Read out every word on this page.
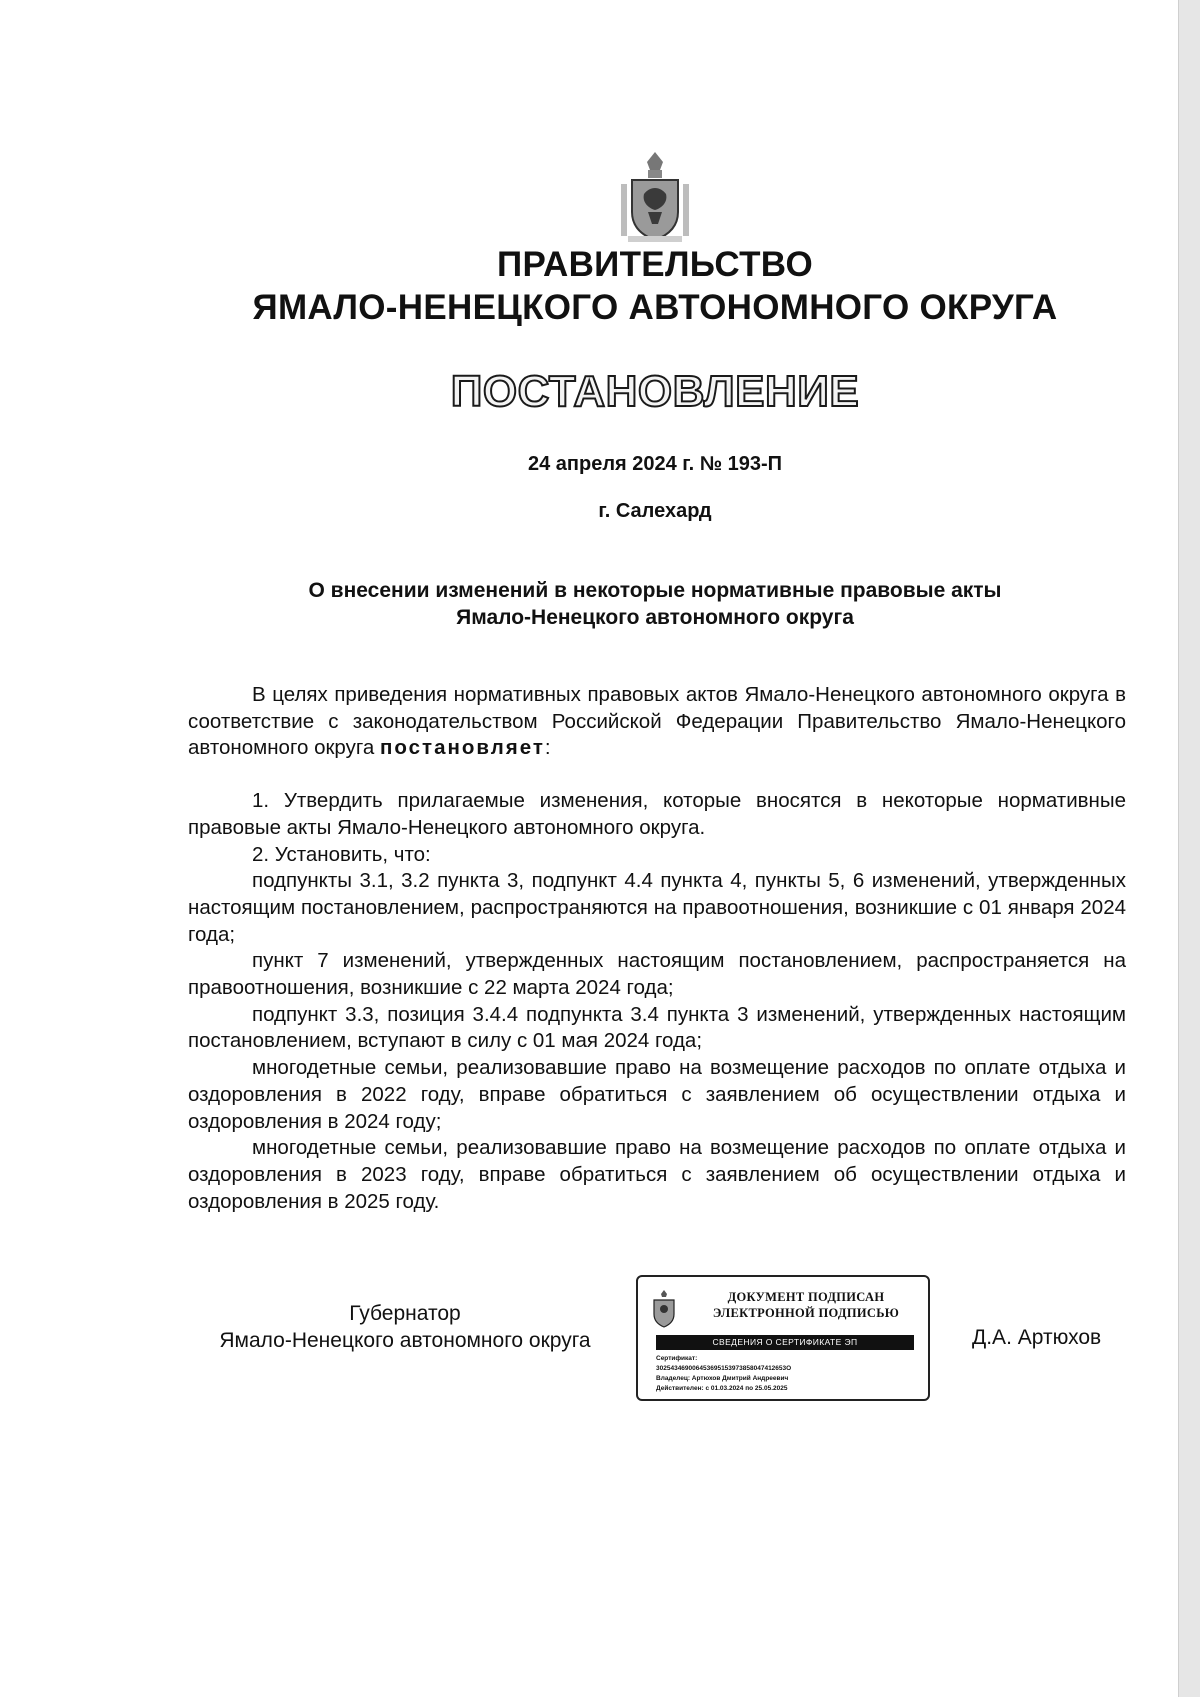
ПРАВИТЕЛЬСТВО
ЯМАЛО-НЕНЕЦКОГО АВТОНОМНОГО ОКРУГА
ПОСТАНОВЛЕНИЕ
24 апреля 2024 г. № 193-П
г. Салехард
О внесении изменений в некоторые нормативные правовые акты
Ямало-Ненецкого автономного округа

В целях приведения нормативных правовых актов Ямало-Ненецкого автономного округа в соответствие с законодательством Российской Федерации Правительство Ямало-Ненецкого автономного округа постановляет:

1. Утвердить прилагаемые изменения, которые вносятся в некоторые нормативные правовые акты Ямало-Ненецкого автономного округа.

2. Установить, что:

подпункты 3.1, 3.2 пункта 3, подпункт 4.4 пункта 4, пункты 5, 6 изменений, утвержденных настоящим постановлением, распространяются на правоотношения, возникшие с 01 января 2024 года;

пункт 7 изменений, утвержденных настоящим постановлением, распространяется на правоотношения, возникшие с 22 марта 2024 года;

подпункт 3.3, позиция 3.4.4 подпункта 3.4 пункта 3 изменений, утвержденных настоящим постановлением, вступают в силу с 01 мая 2024 года;

многодетные семьи, реализовавшие право на возмещение расходов по оплате отдыха и оздоровления в 2022 году, вправе обратиться с заявлением об осуществлении отдыха и оздоровления в 2024 году;

многодетные семьи, реализовавшие право на возмещение расходов по оплате отдыха и оздоровления в 2023 году, вправе обратиться с заявлением об осуществлении отдыха и оздоровления в 2025 году.

Губернатор
Ямало-Ненецкого автономного округа
ДОКУМЕНТ ПОДПИСАН
ЭЛЕКТРОННОЙ ПОДПИСЬЮ
СВЕДЕНИЯ О СЕРТИФИКАТЕ ЭП
Сертификат:
302543469006453695153973858047412653О
Владелец: Артюхов Дмитрий Андреевич
Действителен: с 01.03.2024 по 25.05.2025
Д.А. Артюхов
